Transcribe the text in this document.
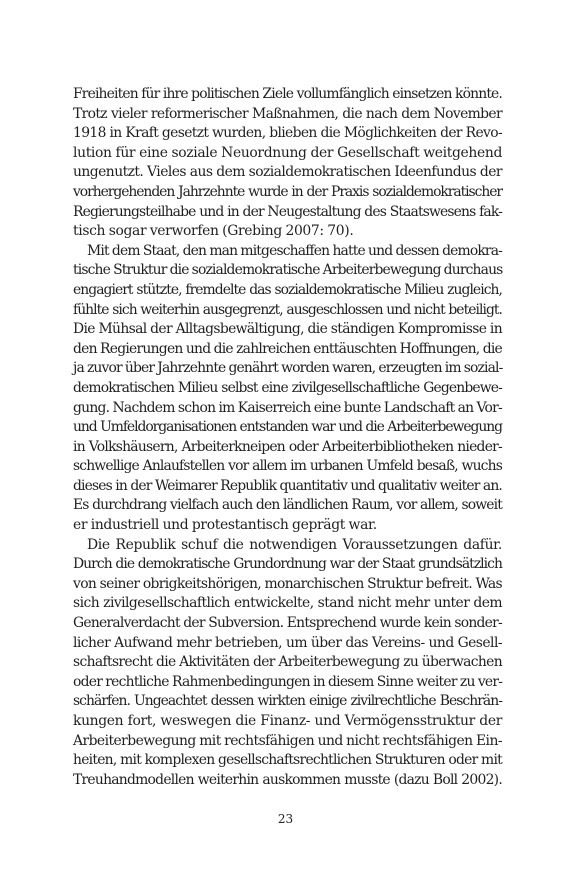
Freiheiten für ihre politischen Ziele vollumfänglich einsetzen könnte.
Trotz vieler reformerischer Maßnahmen, die nach dem November
1918 in Kraft gesetzt wurden, blieben die Möglichkeiten der Revo-
lution für eine soziale Neuordnung der Gesellschaft weitgehend
ungenutzt. Vieles aus dem sozialdemokratischen Ideenfundus der
vorhergehenden Jahrzehnte wurde in der Praxis sozialdemokratischer
Regierungsteilhabe und in der Neugestaltung des Staatswesens fak-
tisch sogar verworfen (Grebing 2007: 70).
Mit dem Staat, den man mitgeschaffen hatte und dessen demokra-
tische Struktur die sozialdemokratische Arbeiterbewegung durchaus
engagiert stützte, fremdelte das sozialdemokratische Milieu zugleich,
fühlte sich weiterhin ausgegrenzt, ausgeschlossen und nicht beteiligt.
Die Mühsal der Alltagsbewältigung, die ständigen Kompromisse in
den Regierungen und die zahlreichen enttäuschten Hoffnungen, die
ja zuvor über Jahrzehnte genährt worden waren, erzeugten im sozial-
demokratischen Milieu selbst eine zivilgesellschaftliche Gegenbewe-
gung. Nachdem schon im Kaiserreich eine bunte Landschaft an Vor-
und Umfeldorganisationen entstanden war und die Arbeiterbewegung
in Volkshäusern, Arbeiterkneipen oder Arbeiterbibliotheken nieder-
schwellige Anlaufstellen vor allem im urbanen Umfeld besaß, wuchs
dieses in der Weimarer Republik quantitativ und qualitativ weiter an.
Es durchdrang vielfach auch den ländlichen Raum, vor allem, soweit
er industriell und protestantisch geprägt war.
Die Republik schuf die notwendigen Voraussetzungen dafür.
Durch die demokratische Grundordnung war der Staat grundsätzlich
von seiner obrigkeitshörigen, monarchischen Struktur befreit. Was
sich zivilgesellschaftlich entwickelte, stand nicht mehr unter dem
Generalverdacht der Subversion. Entsprechend wurde kein sonder-
licher Aufwand mehr betrieben, um über das Vereins- und Gesell-
schaftsrecht die Aktivitäten der Arbeiterbewegung zu überwachen
oder rechtliche Rahmenbedingungen in diesem Sinne weiter zu ver-
schärfen. Ungeachtet dessen wirkten einige zivilrechtliche Beschrän-
kungen fort, weswegen die Finanz- und Vermögensstruktur der
Arbeiterbewegung mit rechtsfähigen und nicht rechtsfähigen Ein-
heiten, mit komplexen gesellschaftsrechtlichen Strukturen oder mit
Treuhandmodellen weiterhin auskommen musste (dazu Boll 2002).
23
